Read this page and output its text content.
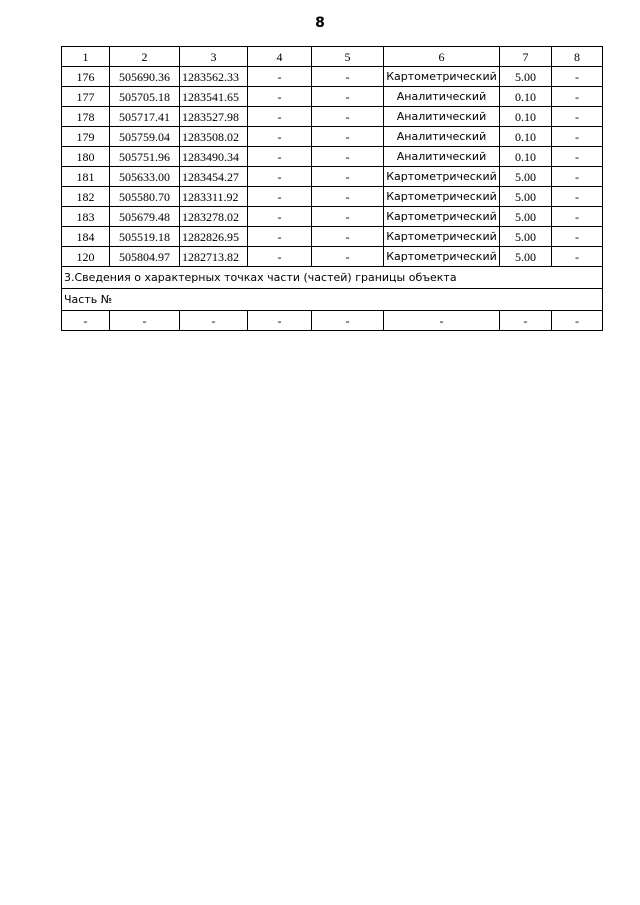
8
1	2	3	4	5	6	7	8
176	505690.36	1283562.33	-	-	Картометрический	5.00	-
177	505705.18	1283541.65	-	-	Аналитический	0.10	-
178	505717.41	1283527.98	-	-	Аналитический	0.10	-
179	505759.04	1283508.02	-	-	Аналитический	0.10	-
180	505751.96	1283490.34	-	-	Аналитический	0.10	-
181	505633.00	1283454.27	-	-	Картометрический	5.00	-
182	505580.70	1283311.92	-	-	Картометрический	5.00	-
183	505679.48	1283278.02	-	-	Картометрический	5.00	-
184	505519.18	1282826.95	-	-	Картометрический	5.00	-
120	505804.97	1282713.82	-	-	Картометрический	5.00	-
3.Сведения о характерных точках части (частей) границы объекта							
Часть №							
-	-	-	-	-	-	-	-
